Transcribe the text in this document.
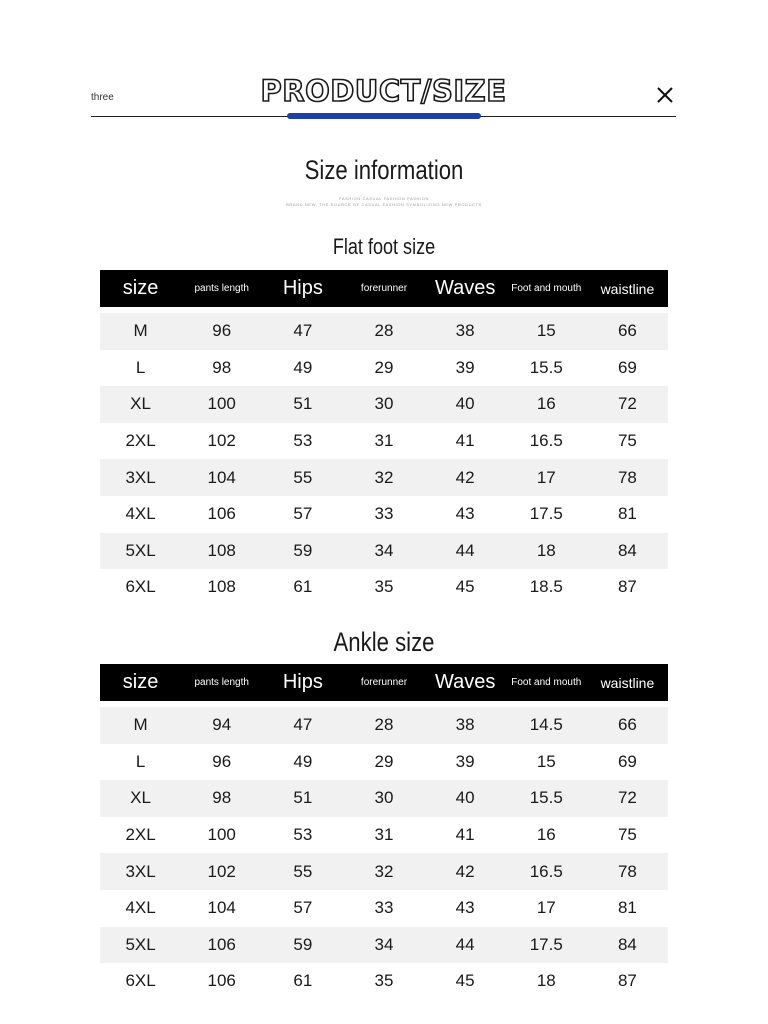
three	PRODUCT/SIZE
Size information
FASHION CASUAL FASHION FASHION
BRAND NEW, THE SOURCE OF CASUAL FASHION SYMBOLIZING NEW PRODUCTS
Flat foot size
size	pants length	Hips	forerunner	Waves	Foot and mouth	waistline

M	96	47	28	38	15	66
L	98	49	29	39	15.5	69
XL	100	51	30	40	16	72
2XL	102	53	31	41	16.5	75
3XL	104	55	32	42	17	78
4XL	106	57	33	43	17.5	81
5XL	108	59	34	44	18	84
6XL	108	61	35	45	18.5	87
Ankle size
size	pants length	Hips	forerunner	Waves	Foot and mouth	waistline

M	94	47	28	38	14.5	66
L	96	49	29	39	15	69
XL	98	51	30	40	15.5	72
2XL	100	53	31	41	16	75
3XL	102	55	32	42	16.5	78
4XL	104	57	33	43	17	81
5XL	106	59	34	44	17.5	84
6XL	106	61	35	45	18	87
